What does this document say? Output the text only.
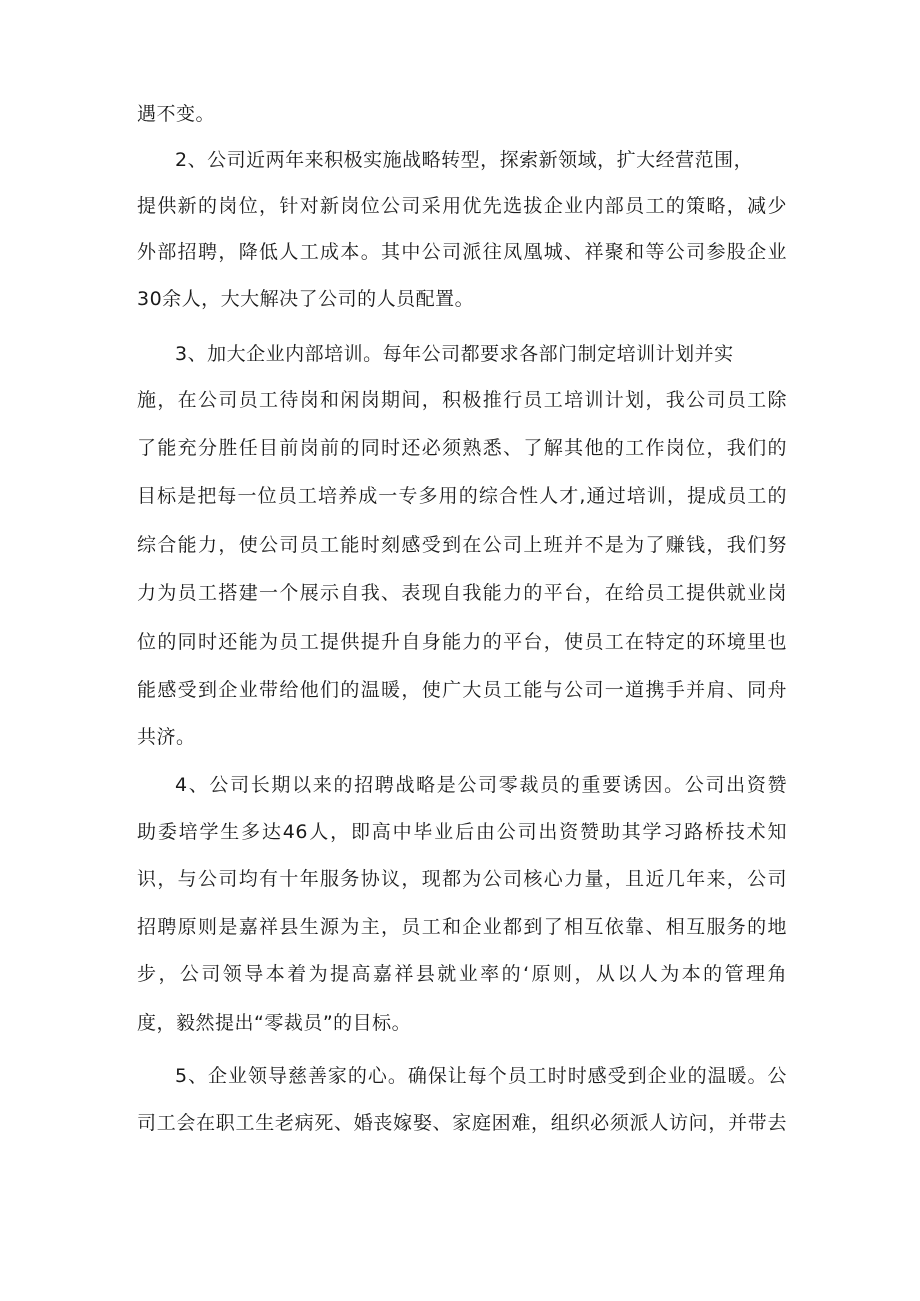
遇不变。
2、公司近两年来积极实施战略转型，探索新领域，扩大经营范围，
提供新的岗位，针对新岗位公司采用优先选拔企业内部员工的策略，减少
外部招聘，降低人工成本。其中公司派往凤凰城、祥聚和等公司参股企业
30余人，大大解决了公司的人员配置。
3、加大企业内部培训。每年公司都要求各部门制定培训计划并实
施，在公司员工待岗和闲岗期间，积极推行员工培训计划，我公司员工除
了能充分胜任目前岗前的同时还必须熟悉、了解其他的工作岗位，我们的
目标是把每一位员工培养成一专多用的综合性人才,通过培训，提成员工的
综合能力，使公司员工能时刻感受到在公司上班并不是为了赚钱，我们努
力为员工搭建一个展示自我、表现自我能力的平台，在给员工提供就业岗
位的同时还能为员工提供提升自身能力的平台，使员工在特定的环境里也
能感受到企业带给他们的温暖，使广大员工能与公司一道携手并肩、同舟
共济。
4、公司长期以来的招聘战略是公司零裁员的重要诱因。公司出资赞
助委培学生多达46人，即高中毕业后由公司出资赞助其学习路桥技术知
识，与公司均有十年服务协议，现都为公司核心力量，且近几年来，公司
招聘原则是嘉祥县生源为主，员工和企业都到了相互依靠、相互服务的地
步，公司领导本着为提高嘉祥县就业率的‘原则，从以人为本的管理角
度，毅然提出“零裁员”的目标。
5、企业领导慈善家的心。确保让每个员工时时感受到企业的温暖。公
司工会在职工生老病死、婚丧嫁娶、家庭困难，组织必须派人访问，并带去
